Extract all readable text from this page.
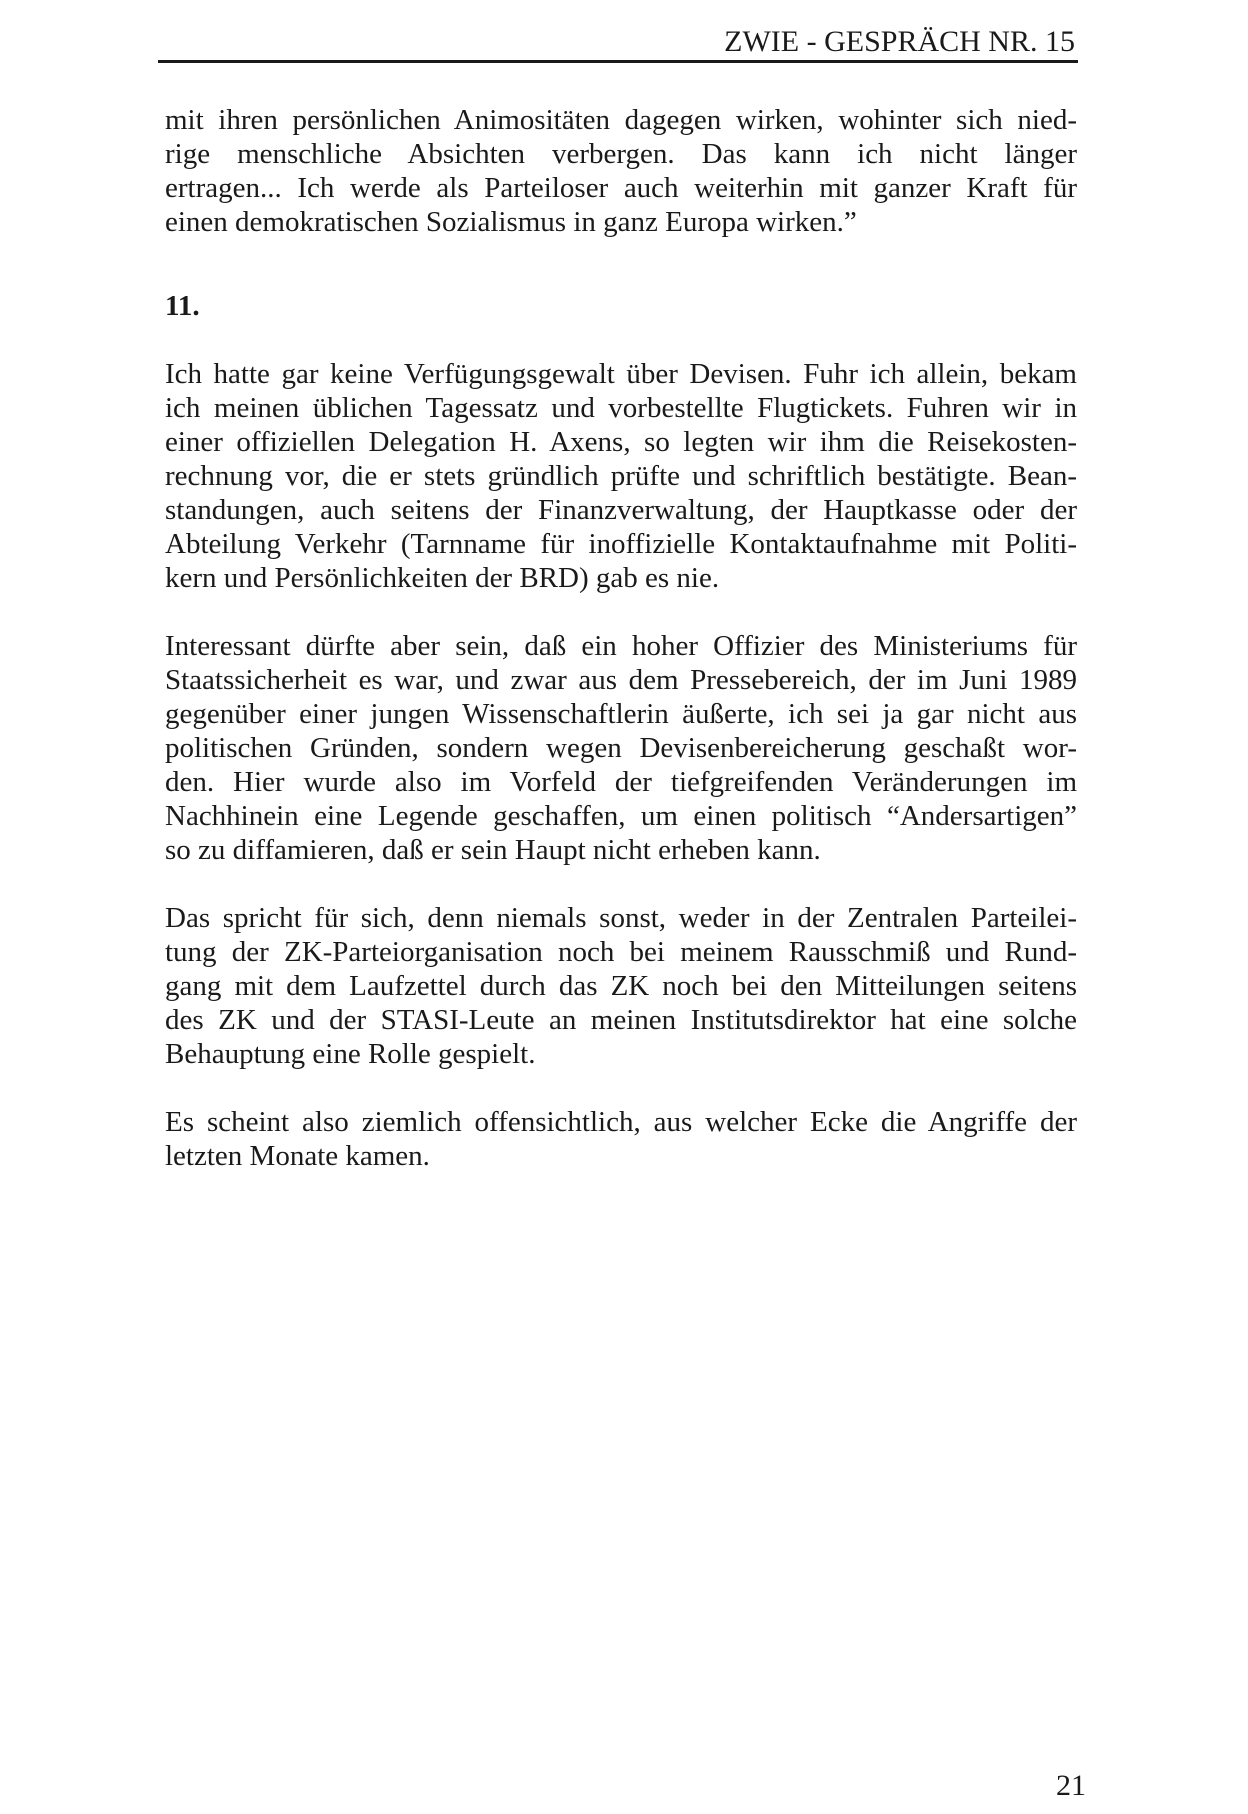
ZWIE - GESPRÄCH NR. 15
mit ihren persönlichen Animositäten dagegen wirken, wohinter sich nied-
rige menschliche Absichten verbergen. Das kann ich nicht länger
ertragen... Ich werde als Parteiloser auch weiterhin mit ganzer Kraft für
einen demokratischen Sozialismus in ganz Europa wirken.”
11.
Ich hatte gar keine Verfügungsgewalt über Devisen. Fuhr ich allein, bekam
ich meinen üblichen Tagessatz und vorbestellte Flugtickets. Fuhren wir in
einer offiziellen Delegation H. Axens, so legten wir ihm die Reisekosten-
rechnung vor, die er stets gründlich prüfte und schriftlich bestätigte. Bean-
standungen, auch seitens der Finanzverwaltung, der Hauptkasse oder der
Abteilung Verkehr (Tarnname für inoffizielle Kontaktaufnahme mit Politi-
kern und Persönlichkeiten der BRD) gab es nie.
Interessant dürfte aber sein, daß ein hoher Offizier des Ministeriums für
Staatssicherheit es war, und zwar aus dem Pressebereich, der im Juni 1989
gegenüber einer jungen Wissenschaftlerin äußerte, ich sei ja gar nicht aus
politischen Gründen, sondern wegen Devisenbereicherung geschaßt wor-
den. Hier wurde also im Vorfeld der tiefgreifenden Veränderungen im
Nachhinein eine Legende geschaffen, um einen politisch “Andersartigen”
so zu diffamieren, daß er sein Haupt nicht erheben kann.
Das spricht für sich, denn niemals sonst, weder in der Zentralen Parteilei-
tung der ZK-Parteiorganisation noch bei meinem Rausschmiß und Rund-
gang mit dem Laufzettel durch das ZK noch bei den Mitteilungen seitens
des ZK und der STASI-Leute an meinen Institutsdirektor hat eine solche
Behauptung eine Rolle gespielt.
Es scheint also ziemlich offensichtlich, aus welcher Ecke die Angriffe der
letzten Monate kamen.
21
